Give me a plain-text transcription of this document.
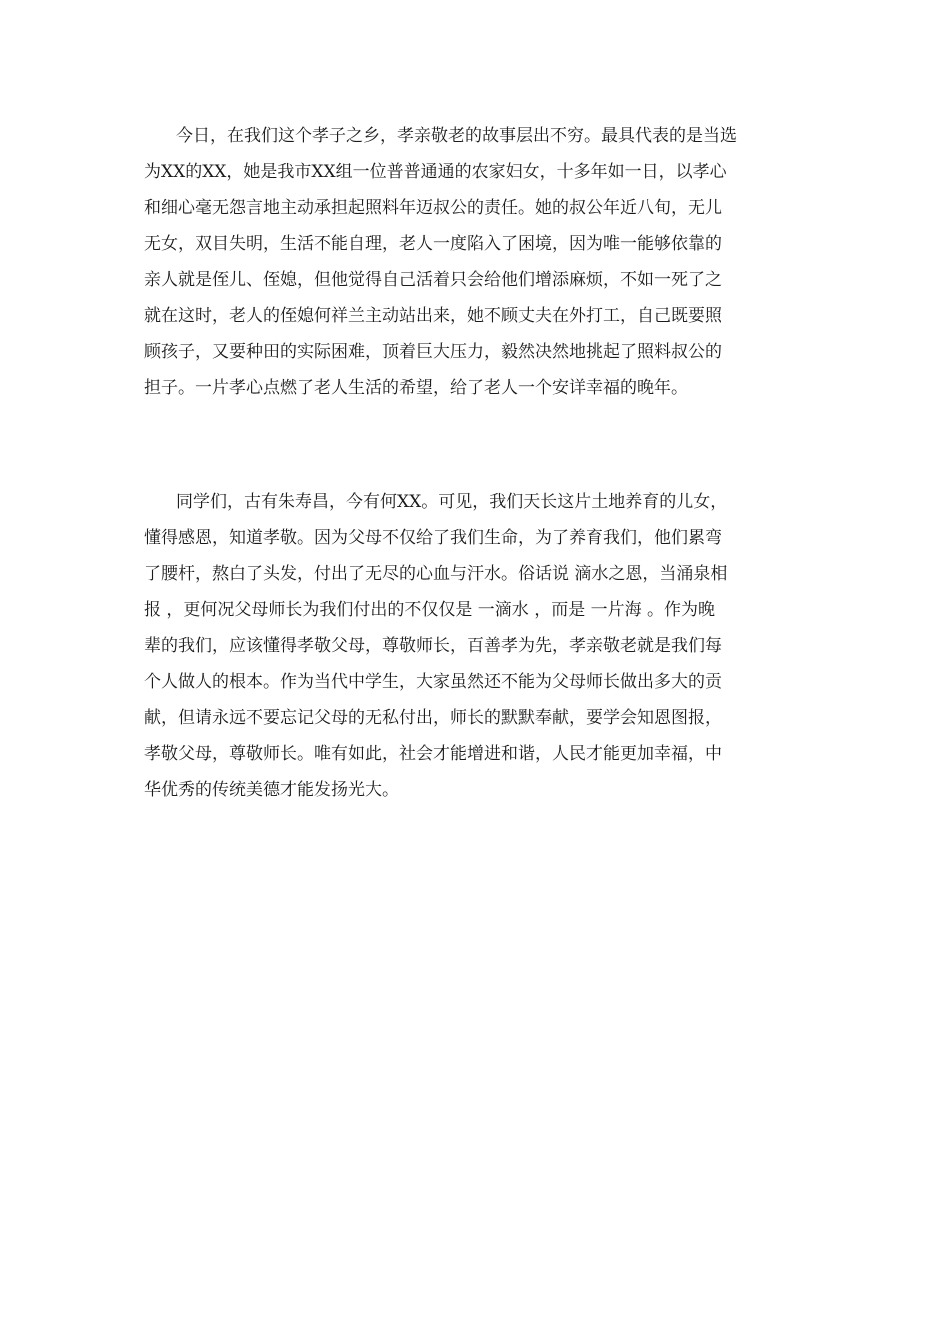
今日，在我们这个孝子之乡，孝亲敬老的故事层出不穷。最具代表的是当选
为XX的XX，她是我市XX组一位普普通通的农家妇女，十多年如一日，以孝心
和细心毫无怨言地主动承担起照料年迈叔公的责任。她的叔公年近八旬，无儿
无女，双目失明，生活不能自理，老人一度陷入了困境，因为唯一能够依靠的
亲人就是侄儿、侄媳，但他觉得自己活着只会给他们增添麻烦，不如一死了之
就在这时，老人的侄媳何祥兰主动站出来，她不顾丈夫在外打工，自己既要照
顾孩子，又要种田的实际困难，顶着巨大压力，毅然决然地挑起了照料叔公的
担子。一片孝心点燃了老人生活的希望，给了老人一个安详幸福的晚年。
同学们，古有朱寿昌，今有何XX。可见，我们天长这片土地养育的儿女，
懂得感恩，知道孝敬。因为父母不仅给了我们生命，为了养育我们，他们累弯
了腰杆，熬白了头发，付出了无尽的心血与汗水。俗话说 滴水之恩，当涌泉相
报 ，更何况父母师长为我们付出的不仅仅是 一滴水 ，而是 一片海 。作为晚
辈的我们，应该懂得孝敬父母，尊敬师长，百善孝为先，孝亲敬老就是我们每
个人做人的根本。作为当代中学生，大家虽然还不能为父母师长做出多大的贡
献，但请永远不要忘记父母的无私付出，师长的默默奉献，要学会知恩图报，
孝敬父母，尊敬师长。唯有如此，社会才能增进和谐，人民才能更加幸福，中
华优秀的传统美德才能发扬光大。
